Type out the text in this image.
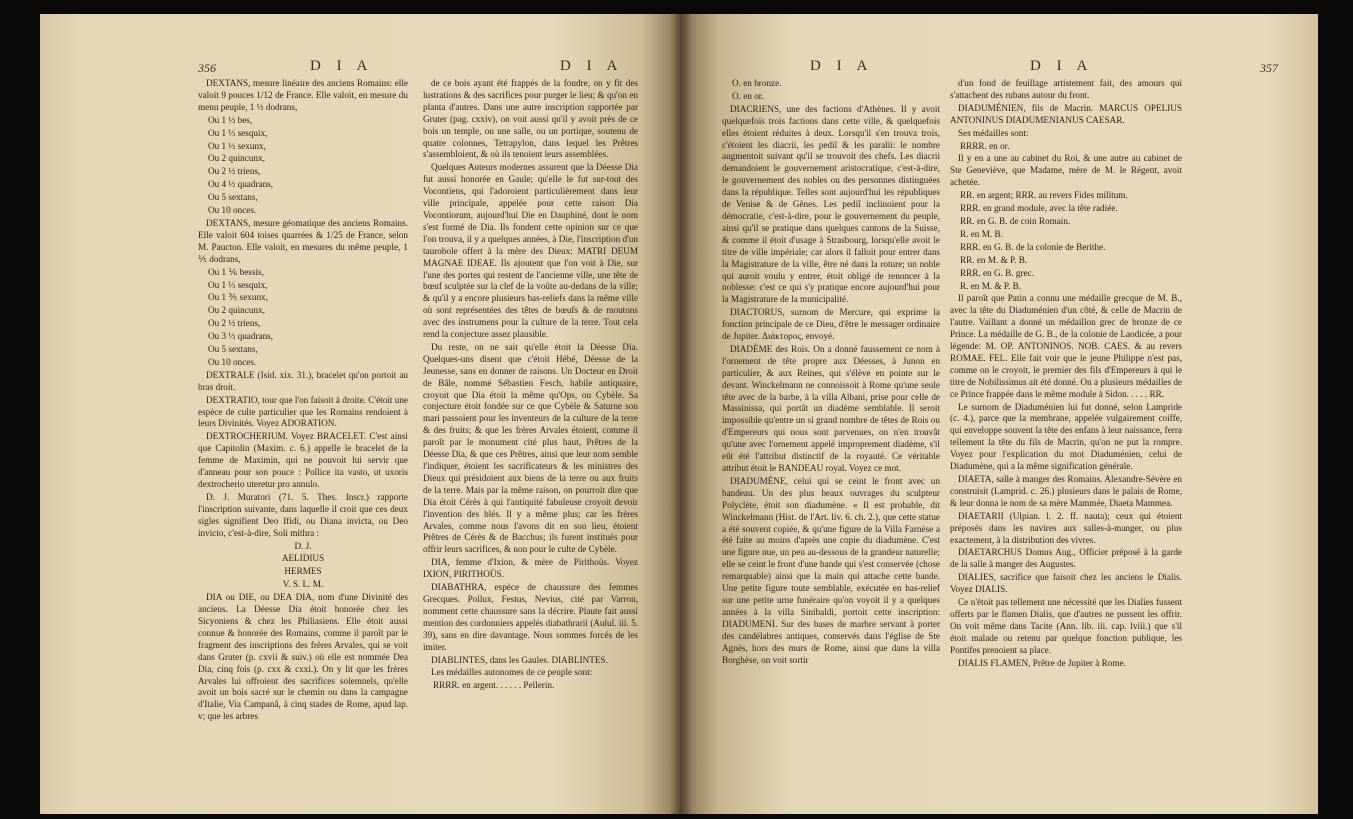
356	D I A	D I A

DEXTANS, mesure linéaire des anciens Romains: elle valoit 9 pouces 1/12 de France. Elle valoit, en mesure du menu peuple, 1 ½ dodrans,

Ou 1 ½ bes,

Ou 1 ⅓ sesquix,

Ou 1 ½ sexunx,

Ou 2 quincunx,

Ou 2 ½ triens,

Ou 4 ½ quadrans,

Ou 5 sextans,

Ou 10 onces.

DEXTANS, mesure géomatique des anciens Romains. Elle valoit 604 toises quarrées & 1/25 de France, selon M. Paucton. Elle valoit, en mesures du même peuple, 1 ⅕ dodrans,

Ou 1 ⅙ bessis,

Ou 1 ⅓ sesquix,

Ou 1 ⅗ sexunx,

Ou 2 quincunx,

Ou 2 ½ triens,

Ou 3 ⅓ quadrans,

Ou 5 sextans,

Ou 10 onces.

DEXTRALE (Isid. xix. 31.), bracelet qu'on portoit au bras droit.

DEXTRATIO, tour que l'on faisoit à droite. C'étoit une espèce de culte particulier que les Romains rendoient à leurs Divinités. Voyez ADORATION.

DEXTROCHERIUM. Voyez BRACELET. C'est ainsi que Capitolin (Maxim. c. 6.) appelle le bracelet de la femme de Maximin, qui ne pouvoit lui servir que d'anneau pour son pouce : Pollice ita vasto, ut uxoris dextrocherio uteretur pro annulo.

D. J. Muratori (71. 5. Thes. Inscr.) rapporte l'inscription suivante, dans laquelle il croit que ces deux sigles signifient Deo Ifidi, ou Diana invicta, ou Deo invicto, c'est-à-dire, Soli mithra :

D. J.

AELIDIUS

HERMES

V. S. L. M.

DIA ou DIE, ou DEA DIA, nom d'une Divinité des anciens. La Déesse Dia étoit honorée chez les Sicyoniens & chez les Philiasiens. Elle étoit aussi connue & honorée des Romains, comme il paroît par le fragment des inscriptions des frères Arvales, qui se voit dans Gruter (p. cxvii & suiv.) où elle est nommée Dea Dia, cinq fois (p. cxx & cxxi.). On y lit que les frères Arvales lui offroient des sacrifices solemnels, qu'elle avoit un bois sacré sur le chemin ou dans la campagne d'Italie, Via Campanâ, à cinq stades de Rome, apud lap. v; que les arbres

de ce bois ayant été frappés de la foudre, on y fit des lustrations & des sacrifices pour purger le lieu; & qu'on en planta d'autres. Dans une autre inscription rapportée par Gruter (pag. cxxiv), on voit aussi qu'il y avoit près de ce bois un temple, ou une salle, ou un portique, soutenu de quatre colonnes, Tetrapylon, dans lequel les Prêtres s'assembloient, & où ils tenoient leurs assemblées.

Quelques Auteurs modernes assurent que la Déesse Dia fut aussi honorée en Gaule; qu'elle le fut sur-tout des Vocontiens, qui l'adoroient particulièrement dans leur ville principale, appelée pour cette raison Dia Vocontiorum, aujourd'hui Die en Dauphiné, dont le nom s'est formé de Dia. Ils fondent cette opinion sur ce que l'on trouva, il y a quelques années, à Die, l'inscription d'un taurobole offert à la mère des Dieux: MATRI DEUM MAGNAE IDEAE. Ils ajoutent que l'on voit à Die, sur l'une des portes qui restent de l'ancienne ville, une tête de bœuf sculptée sur la clef de la voûte au-dedans de la ville; & qu'il y a encore plusieurs bas-reliefs dans la même ville où sont représentées des têtes de bœufs & de moutons avec des instrumens pour la culture de la terre. Tout cela rend la conjecture assez plausible.

Du reste, on ne sait qu'elle étoit la Déesse Dia. Quelques-uns disent que c'étoit Hébé, Déesse de la Jeunesse, sans en donner de raisons. Un Docteur en Droit de Bâle, nommé Sébastien Fesch, habile antiquaire, croyoit que Dia étoit la même qu'Ops, ou Cybèle. Sa conjecture étoit fondée sur ce que Cybèle & Saturne son mari passoient pour les inventeurs de la culture de la terre & des fruits; & que les frères Arvales étoient, comme il paroît par le monument cité plus haut, Prêtres de la Déesse Dia, & que ces Prêtres, ainsi que leur nom semble l'indiquer, étoient les sacrificateurs & les ministres des Dieux qui présidoient aux biens de la terre ou aux fruits de la terre. Mais par la même raison, on pourroit dire que Dia étoit Cérès à qui l'antiquité fabuleuse croyoit devoir l'invention des blés. Il y a même plus; car les frères Arvales, comme nous l'avons dit en son lieu, étoient Prêtres de Cérès & de Bacchus; ils furent institués pour offrir leurs sacrifices, & non pour le culte de Cybèle.

DIA, femme d'Ixion, & mère de Pirithoüs. Voyez IXION, PIRITHOÜS.

DIABATHRA, espèce de chaussure des femmes Grecques. Pollux, Festus, Nevius, cité par Varron, nomment cette chaussure sans la décrire. Plaute fait aussi mention des cordonniers appelés diabathrarii (Aulul. iii. 5. 39), sans en dire davantage. Nous sommes forcés de les imiter.

DIABLINTES, dans les Gaules. DIABLINTES.

Les médailles autonomes de ce peuple sont:

RRRR. en argent. . . . . . Pellerin.

357
D I A	D I A

O. en bronze.

O. en or.

DIACRIENS, une des factions d'Athènes. Il y avoit quelquefois trois factions dans cette ville, & quelquefois elles étoient réduites à deux. Lorsqu'il s'en trouva trois, c'étoient les diacrii, les pediî & les paralii: le nombre augmentoit suivant qu'il se trouvoit des chefs. Les diacrii demandoient le gouvernement aristocratique, c'est-à-dire, le gouvernement des nobles ou des personnes distinguées dans la république. Telles sont aujourd'hui les républiques de Venise & de Gênes. Les pediî inclinoient pour la démocratie, c'est-à-dire, pour le gouvernement du peuple, ainsi qu'il se pratique dans quelques cantons de la Suisse, & comme il étoit d'usage à Strasbourg, lorsqu'elle avoit le titre de ville impériale; car alors il falloit pour entrer dans la Magistrature de la ville, être né dans la roture; un noble qui auroit voulu y entrer, étoit obligé de renoncer à la noblesse: c'est ce qui s'y pratique encore aujourd'hui pour la Magistrature de la municipalité.

DIACTORUS, surnom de Mercure, qui exprime la fonction principale de ce Dieu, d'être le messager ordinaire de Jupiter. Διάκτορος, envoyé.

DIADÈME des Rois. On a donné faussement ce nom à l'ornement de tête propre aux Déesses, à Junon en particulier, & aux Reines, qui s'élève en pointe sur le devant. Winckelmann ne connoissoit à Rome qu'une seule tête avec de la barbe, à la villa Albani, prise pour celle de Massinissa, qui portât un diadème semblable. Il seroit impossible qu'entre un si grand nombre de têtes de Rois ou d'Empereurs qui nous sont parvenues, on n'en trouvât qu'une avec l'ornement appelé improprement diadème, s'il eût été l'attribut distinctif de la royauté. Ce véritable attribut étoit le BANDEAU royal. Voyez ce mot.

DIADUMÈNE, celui qui se ceint le front avec un bandeau. Un des plus beaux ouvrages du sculpteur Polyclète, étoit son diadumène. « Il est probable, dit Winckelmann (Hist. de l'Art. liv. 6. ch. 2.), que cette statue a été souvent copiée, & qu'une figure de la Villa Farnèse a été faite au moins d'après une copie du diadumène. C'est une figure nue, un peu au-dessous de la grandeur naturelle; elle se ceint le front d'une bande qui s'est conservée (chose remarquable) ainsi que la main qui attache cette bande. Une petite figure toute semblable, exécutée en bas-relief sur une petite urne funéraire qu'on voyoit il y a quelques années à la villa Sinibaldi, portoit cette inscription: DIADUMENI. Sur des bases de marbre servant à porter des candélabres antiques, conservés dans l'église de Ste Agnès, hors des murs de Rome, ainsi que dans la villa Borghèse, on voit sortir

d'un fond de feuillage artistement fait, des amours qui s'attachent des rubans autour du front.

DIADUMÉNIEN, fils de Macrin. MARCUS OPELIUS ANTONINUS DIADUMENIANUS CAESAR.

Ses médailles sont:

RRRR. en or.

Il y en a une au cabinet du Roi, & une autre au cabinet de Ste Geneviève, que Madame, mère de M. le Régent, avoit achetée.

RR. en argent; RRR. au revers Fides militum.

RRR. en grand module, avec la tête radiée.

RR. en G. B. de coin Romain.

R. en M. B.

RRR. en G. B. de la colonie de Berithe.

RR. en M. & P. B.

RRR. en G. B. grec.

R. en M. & P. B.

Il paroît que Patin a connu une médaille grecque de M. B., avec la tête du Diaduménien d'un côté, & celle de Macrin de l'autre. Vaillant a donné un médaillon grec de bronze de ce Prince. La médaille de G. B., de la colonie de Laodicée, a pour légende: M. OP. ANTONINOS. NOB. CAES. & au revers ROMAE. FEL. Elle fait voir que le jeune Philippe n'est pas, comme on le croyoit, le premier des fils d'Empereurs à qui le titre de Nobilissimus ait été donné. On a plusieurs médailles de ce Prince frappée dans le même module à Sidon. . . . . RR.

Le surnom de Diaduménien lui fut donné, selon Lampride (c. 4.), parce que la membrane, appelée vulgairement coiffe, qui enveloppe souvent la tête des enfans à leur naissance, ferra tellement la tête du fils de Macrin, qu'on ne put la rompre. Voyez pour l'explication du mot Diaduménien, celui de Diadumène, qui a la même signification générale.

DIAETA, salle à manger des Romains. Alexandre-Sévère en construisit (Lamprid. c. 26.) plusieurs dans le palais de Rome, & leur donna le nom de sa mère Mammée, Diaeta Mammea.

DIAETARII (Ulpian. l. 2. ff. nauta); ceux qui étoient préposés dans les navires aux salles-à-manger, ou plus exactement, à la distribution des vivres.

DIAETARCHUS Domus Aug., Officier préposé à la garde de la salle à manger des Augustes.

DIALIES, sacrifice que faisoit chez les anciens le Dialis. Voyez DIALIS.

Ce n'étoit pas tellement une nécessité que les Dialies fussent offerts par le flamen Dialis, que d'autres ne pussent les offrir. On voit même dans Tacite (Ann. lib. iii. cap. lviii.) que s'il étoit malade ou retenu par quelque fonction publique, les Pontifes prenoient sa place.

DIALIS FLAMEN, Prêtre de Jupiter à Rome.
